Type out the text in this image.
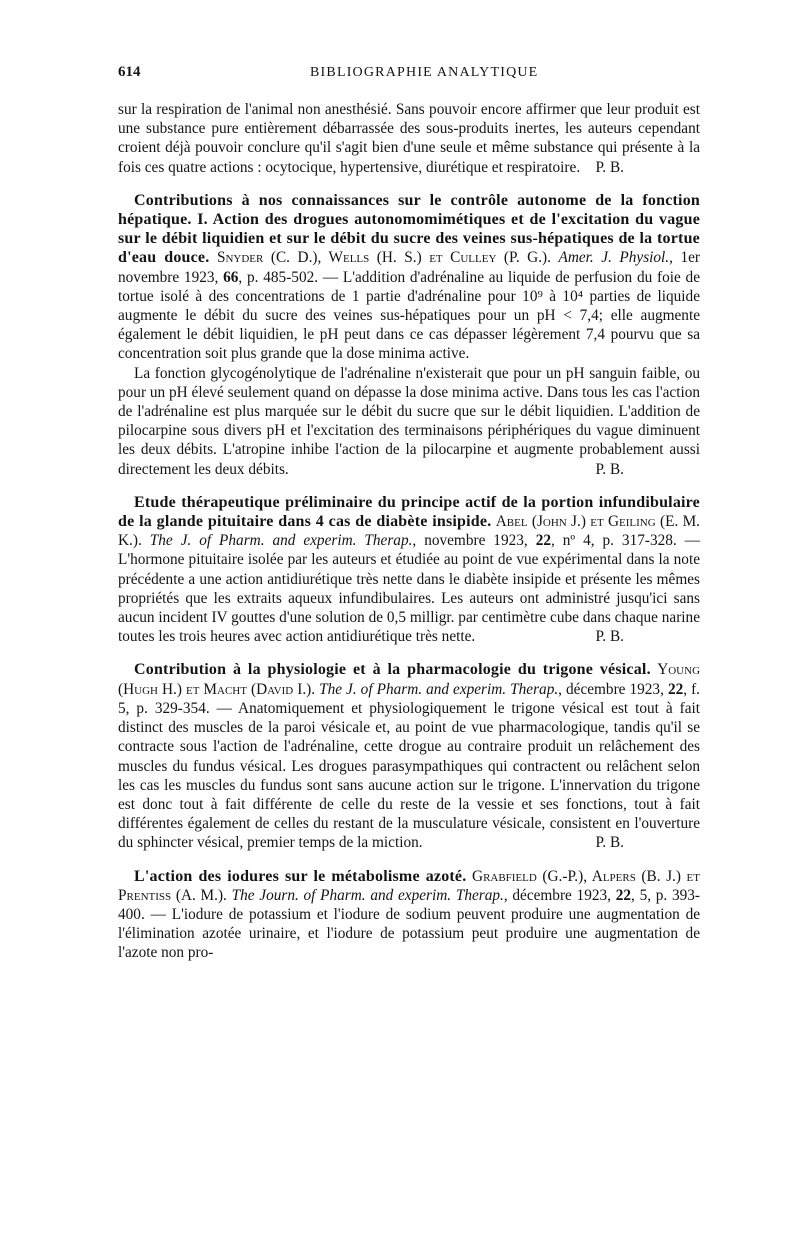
614	BIBLIOGRAPHIE ANALYTIQUE

sur la respiration de l'animal non anesthésié. Sans pouvoir encore affirmer que leur produit est une substance pure entièrement débarrassée des sous-produits inertes, les auteurs cependant croient déjà pouvoir conclure qu'il s'agit bien d'une seule et même substance qui présente à la fois ces quatre actions : ocytocique, hypertensive, diurétique et respiratoire. P. B.

Contributions à nos connaissances sur le contrôle autonome de la fonction hépatique. I. Action des drogues autonomomimétiques et de l'excitation du vague sur le débit liquidien et sur le débit du sucre des veines sus-hépatiques de la tortue d'eau douce. Snyder (C. D.), Wells (H. S.) et Culley (P. G.). Amer. J. Physiol., 1er novembre 1923, 66, p. 485-502. — L'addition d'adrénaline au liquide de perfusion du foie de tortue isolé à des concentrations de 1 partie d'adrénaline pour 10⁹ à 10⁴ parties de liquide augmente le débit du sucre des veines sus-hépatiques pour un pH < 7,4; elle augmente également le débit liquidien, le pH peut dans ce cas dépasser légèrement 7,4 pourvu que sa concentration soit plus grande que la dose minima active.

La fonction glycogénolytique de l'adrénaline n'existerait que pour un pH sanguin faible, ou pour un pH élevé seulement quand on dépasse la dose minima active. Dans tous les cas l'action de l'adrénaline est plus marquée sur le débit du sucre que sur le débit liquidien. L'addition de pilocarpine sous divers pH et l'excitation des terminaisons périphériques du vague diminuent les deux débits. L'atropine inhibe l'action de la pilocarpine et augmente probablement aussi directement les deux débits.	P. B.

Etude thérapeutique préliminaire du principe actif de la portion infundibulaire de la glande pituitaire dans 4 cas de diabète insipide. Abel (John J.) et Geiling (E. M. K.). The J. of Pharm. and experim. Therap., novembre 1923, 22, nº 4, p. 317-328. — L'hormone pituitaire isolée par les auteurs et étudiée au point de vue expérimental dans la note précédente a une action antidiurétique très nette dans le diabète insipide et présente les mêmes propriétés que les extraits aqueux infundibulaires. Les auteurs ont administré jusqu'ici sans aucun incident IV gouttes d'une solution de 0,5 milligr. par centimètre cube dans chaque narine toutes les trois heures avec action antidiurétique très nette.	P. B.

Contribution à la physiologie et à la pharmacologie du trigone vésical. Young (Hugh H.) et Macht (David I.). The J. of Pharm. and experim. Therap., décembre 1923, 22, f. 5, p. 329-354. — Anatomiquement et physiologiquement le trigone vésical est tout à fait distinct des muscles de la paroi vésicale et, au point de vue pharmacologique, tandis qu'il se contracte sous l'action de l'adrénaline, cette drogue au contraire produit un relâchement des muscles du fundus vésical. Les drogues parasympathiques qui contractent ou relâchent selon les cas les muscles du fundus sont sans aucune action sur le trigone. L'innervation du trigone est donc tout à fait différente de celle du reste de la vessie et ses fonctions, tout à fait différentes également de celles du restant de la musculature vésicale, consistent en l'ouverture du sphincter vésical, premier temps de la miction.	P. B.

L'action des iodures sur le métabolisme azoté. Grabfield (G.-P.), Alpers (B. J.) et Prentiss (A. M.). The Journ. of Pharm. and experim. Therap., décembre 1923, 22, 5, p. 393-400. — L'iodure de potassium et l'iodure de sodium peuvent produire une augmentation de l'élimination azotée urinaire, et l'iodure de potassium peut produire une augmentation de l'azote non pro-
